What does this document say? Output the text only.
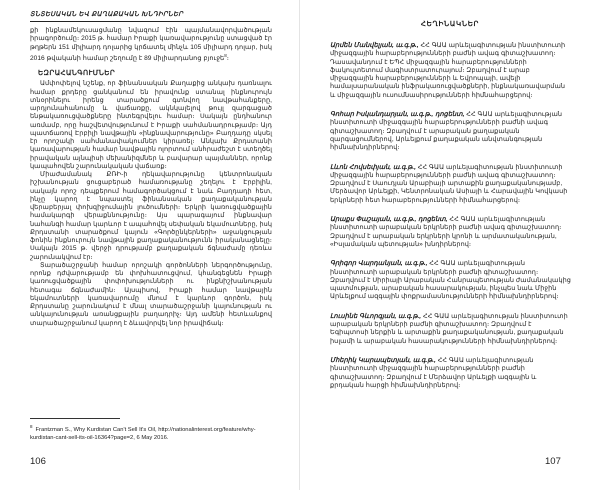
ՏՆՏԵՍԱԿԱՆ ԵՎ ՔԱՂԱՔԱԿԱՆ ԽՆԴԻՐՆԵՐ

քի ինքնամեկուսացմանը նվազում էին պայմանավորվածության իրագործումը։ 2015 թ. համար Իրաքի կառավարությունը ստացված էր թղթերն 151 միլիարդ դոլարից կրճատել մինչև 105 միլիարդ դոլար, իսկ 2016 թվականի համար շեղումը է 89 միլիարդանոց բյուջե$^8$։

ԵԶՐԱՀԱՆԳՈՒՄՆԵՐ

Ամփոփելով նշենք, որ ֆինանսական Քաղաքից անկախ դառնալու համար քրդերը ցանկանում են իրավունք ստանալ ինքնուրույն տնօրինելու իրենց տարածքում գտնվող նավթահանքերը, արդյունահանումը և վաճառքը, ակնկալելով թույլ զարգացած ենթակառուցվածքները ինտեգրվելու համար։ Սակայն ընդհանուր առմամբ, որը հաշվետվությունում է Իրաքի սահմանադրությամբ։ Այդ պատճառով Էրբիլի նավթային «ինքնավարությունը» Բաղդադը սկսել էր որոշակի սահմանափակումներ կիրառել։ Անկախ Քրդստանի կառավարության համար նավթային ոլորտում անհրաժեշտ է ստեղծել իրավական այնպիսի մեխանիզմներ և բավարար պայմաններ, որոնք կապահովեն շարունակական վաճառք։

Միաժամանակ ՔՌԻ-ի ղեկավարությունը կենտրոնական իշխանության ցուցաբերած համառությանը շեղելու է Էրբիլին, սակայն որոշ դեպքերում համագործակցում է նաև Բաղդադի հետ, ինչը կարող է նպաստել ֆինանսական քաղաքականության վերաբերյալ փոխզիջումային լուծումների։ Երկրի կառուցվածքային համակարգի վերաքննությունը։ Այս պարագայում ինքնավար նահանգի համար կարևոր է ապահովել սեփական եկամուտները, իսկ Քրդստանի տարածքում կայուն «Գործընկերների» աջակցության ֆոնին ինքնուրույն նավթային քաղաքականությունն իրականացնելը։ Սակայն 2015 թ. վերջի դրությամբ քաղաքական ճգնաժամը դեռևս շարունակվում էր։

Տարածաշրջանի համար որոշակի գործոնների ներգործությունը, որոնք դժվարությամբ են փոխհատուցվում, կհանգեցնեն Իրաքի կառուցվածքային փոփոխությունների ու ինքնիշխանության հետագա ճգնաժամին։ Այսպիսով, Իրաքի համար նավթային եկամուտների կառավարումը մնում է կարևոր գործոն, իսկ Քրդստանը շարունակում է մնալ տարածաշրջանի կայունության ու անկայունության առանցքային բաղադրիչ։ Այդ ամենի հետևանքով տարածաշրջանում կարող է ձևավորվել նոր իրավիճակ։

$^8$Frantzman S., Why Kurdistan Can't Sell It's Oil, http://nationalinterest.org/feature/why-kurdistan-cant-sell-its-oil-16364?page=2, 6 May 2016.
106
ՀԵՂԻՆԱԿՆԵՐ
Արմեն Մանվելյան, ա.գ.թ., ՀՀ ԳԱԱ արևելագիտության ինստիտուտի միջազգային հարաբերությունների բաժնի ավագ գիտաշխատող։ Դասավանդում է ԵՊՀ միջազգային հարաբերությունների ֆակուլտետում մագիստրատուրայում։ Զբաղվում է արաբ միջազգային հարաբերությունների և Եվրոպայի, ավելի համալսարանական ինֆրակառուցվածքների, ինքնակառավարման և միջազգային ուսումնասիրությունների հիմնահարցերով։
Գոհար Իսկանդարյան, ա.գ.թ., դոցենտ, ՀՀ ԳԱԱ արևելագիտության ինստիտուտի միջազգային հարաբերությունների բաժնի ավագ գիտաշխատող։ Զբաղվում է արաբական քաղաքական զարգացումներով, Արևելքում քաղաքական անվտանգության հիմնախնդիրներով։
Լևոն Հովսեփյան, ա.գ.թ., ՀՀ ԳԱԱ արևելագիտության ինստիտուտի միջազգային հարաբերությունների բաժնի ավագ գիտաշխատող։ Զբաղվում է Սաուդյան Արաբիայի արտաքին քաղաքականությամբ, Մերձավոր Արևելքի, Կենտրոնական Ասիայի և Հարավային Կովկասի երկրների հետ հարաբերությունների հիմնահարցերով։
Արաքս Փաշայան, ա.գ.թ., դոցենտ, ՀՀ ԳԱԱ արևելագիտության ինստիտուտի արաբական երկրների բաժնի ավագ գիտաշխատող։ Զբաղվում է արաբական երկրների կրոնի և արմատականության, «Իսլամական պետության» խնդիրներով։
Գրիգոր Վարդանյան, ա.գ.թ., ՀՀ ԳԱԱ արևելագիտության ինստիտուտի արաբական երկրների բաժնի գիտաշխատող։ Զբաղվում է Սիրիայի Արաբական Հանրապետության ժամանակակից պատմության, արաբական հասարակության, ինչպես նաև Միջին Արևելքում ազգային փոքրամասնությունների հիմնախնդիրներով։
Լուսինե Գևորգյան, ա.գ.թ., ՀՀ ԳԱԱ արևելագիտության ինստիտուտի արաբական երկրների բաժնի գիտաշխատող։ Զբաղվում է Եգիպտոսի ներքին և արտաքին քաղաքականության, քաղաքական իսլամի և արաբական հասարակությունների հիմնախնդիրներով։
Մհերիկ Կարապետյան, ա.գ.թ., ՀՀ ԳԱԱ արևելագիտության ինստիտուտի միջազգային հարաբերությունների բաժնի գիտաշխատող։ Զբաղվում է Մերձավոր Արևելքի ազգային և քրդական հարցի հիմնախնդիրներով։
107
